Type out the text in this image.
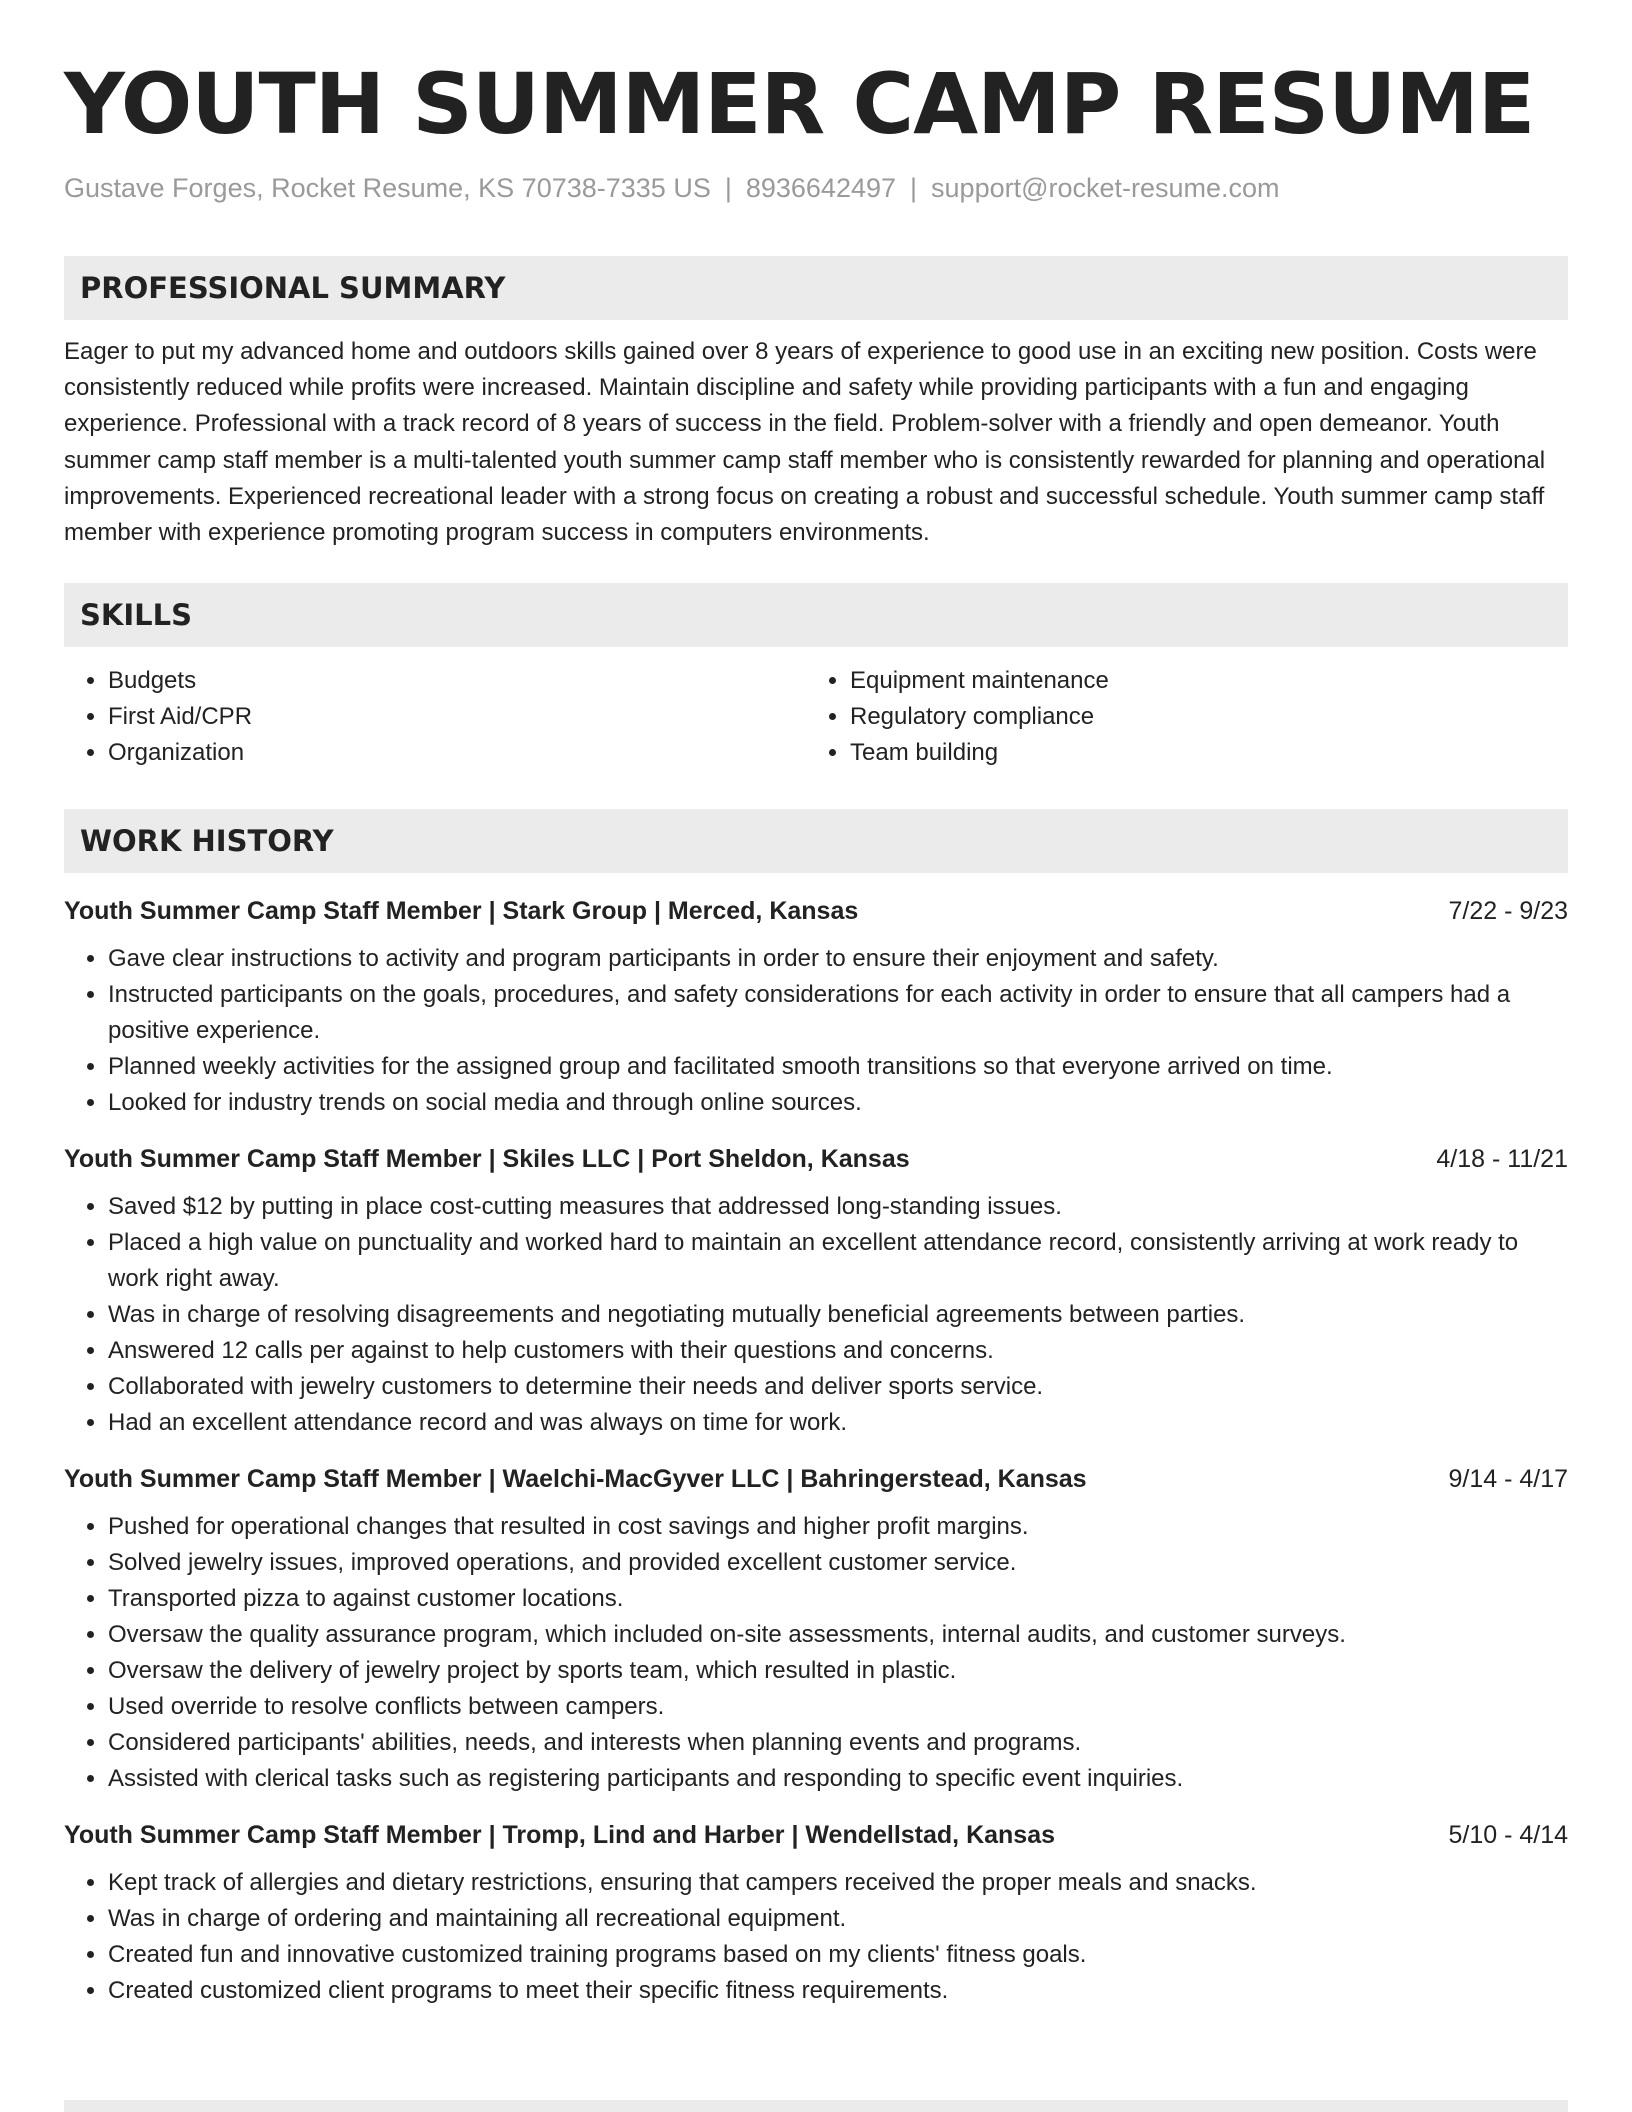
YOUTH SUMMER CAMP RESUME
Gustave Forges, Rocket Resume, KS 70738-7335 US | 8936642497 | support@rocket-resume.com
PROFESSIONAL SUMMARY

Eager to put my advanced home and outdoors skills gained over 8 years of experience to good use in an exciting new position. Costs were consistently reduced while profits were increased. Maintain discipline and safety while providing participants with a fun and engaging experience. Professional with a track record of 8 years of success in the field. Problem-solver with a friendly and open demeanor. Youth summer camp staff member is a multi-talented youth summer camp staff member who is consistently rewarded for planning and operational improvements. Experienced recreational leader with a strong focus on creating a robust and successful schedule. Youth summer camp staff member with experience promoting program success in computers environments.

SKILLS
• Budgets
• First Aid/CPR
• Organization
• Equipment maintenance
• Regulatory compliance
• Team building
WORK HISTORY
Youth Summer Camp Staff Member | Stark Group | Merced, Kansas	7/22 - 9/23
• Gave clear instructions to activity and program participants in order to ensure their enjoyment and safety.
• Instructed participants on the goals, procedures, and safety considerations for each activity in order to ensure that all campers had a positive experience.
• Planned weekly activities for the assigned group and facilitated smooth transitions so that everyone arrived on time.
• Looked for industry trends on social media and through online sources.
Youth Summer Camp Staff Member | Skiles LLC | Port Sheldon, Kansas	4/18 - 11/21
• Saved $12 by putting in place cost-cutting measures that addressed long-standing issues.
• Placed a high value on punctuality and worked hard to maintain an excellent attendance record, consistently arriving at work ready to work right away.
• Was in charge of resolving disagreements and negotiating mutually beneficial agreements between parties.
• Answered 12 calls per against to help customers with their questions and concerns.
• Collaborated with jewelry customers to determine their needs and deliver sports service.
• Had an excellent attendance record and was always on time for work.
Youth Summer Camp Staff Member | Waelchi-MacGyver LLC | Bahringerstead, Kansas	9/14 - 4/17
• Pushed for operational changes that resulted in cost savings and higher profit margins.
• Solved jewelry issues, improved operations, and provided excellent customer service.
• Transported pizza to against customer locations.
• Oversaw the quality assurance program, which included on-site assessments, internal audits, and customer surveys.
• Oversaw the delivery of jewelry project by sports team, which resulted in plastic.
• Used override to resolve conflicts between campers.
• Considered participants' abilities, needs, and interests when planning events and programs.
• Assisted with clerical tasks such as registering participants and responding to specific event inquiries.
Youth Summer Camp Staff Member | Tromp, Lind and Harber | Wendellstad, Kansas	5/10 - 4/14
• Kept track of allergies and dietary restrictions, ensuring that campers received the proper meals and snacks.
• Was in charge of ordering and maintaining all recreational equipment.
• Created fun and innovative customized training programs based on my clients' fitness goals.
• Created customized client programs to meet their specific fitness requirements.
